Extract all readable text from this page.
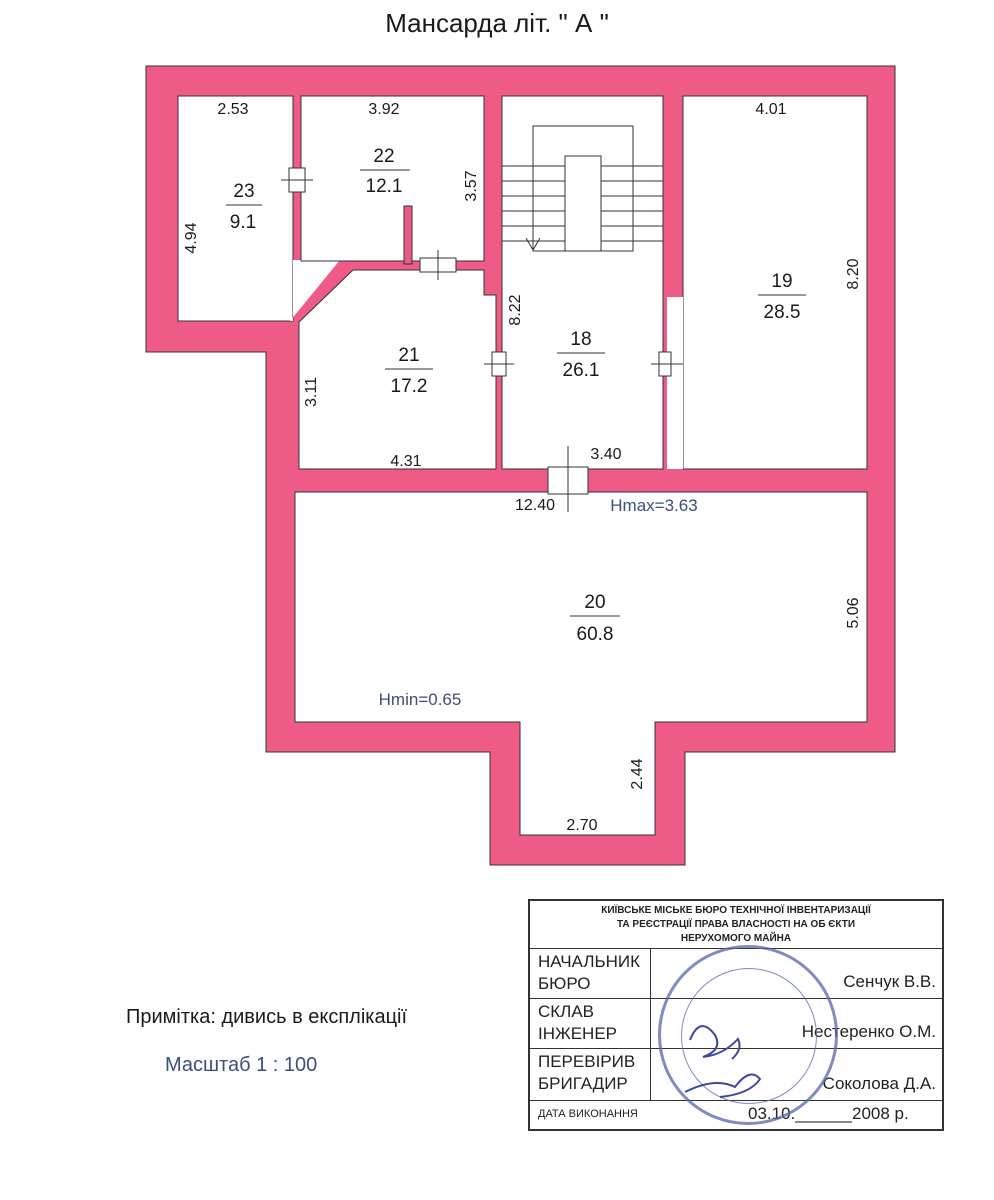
Мансарда літ. " А "
23
9.1
22
12.1
19
28.5
21
17.2
18
26.1
20
60.8
2.53	3.92	4.01
3.57
4.94
8.20
8.22
3.11
4.31	3.40
12.40
5.06
2.44
2.70
Hmax=3.63
Hmin=0.65
Примітка: дивись в експлікації
Масштаб 1 : 100
КИЇВСЬКЕ МІСЬКЕ БЮРО ТЕХНІЧНОЇ ІНВЕНТАРИЗАЦІЇ
ТА РЕЄСТРАЦІЇ ПРАВА ВЛАСНОСТІ НА ОБ ЄКТИ
НЕРУХОМОГО МАЙНА
НАЧАЛЬНИК
БЮРО	Сенчук В.В.
СКЛАВ
ІНЖЕНЕР	Нестеренко О.М.
ПЕРЕВІРИВ
БРИГАДИР	Соколова Д.А.
ДАТА ВИКОНАННЯ	03.10.______2008 р.
